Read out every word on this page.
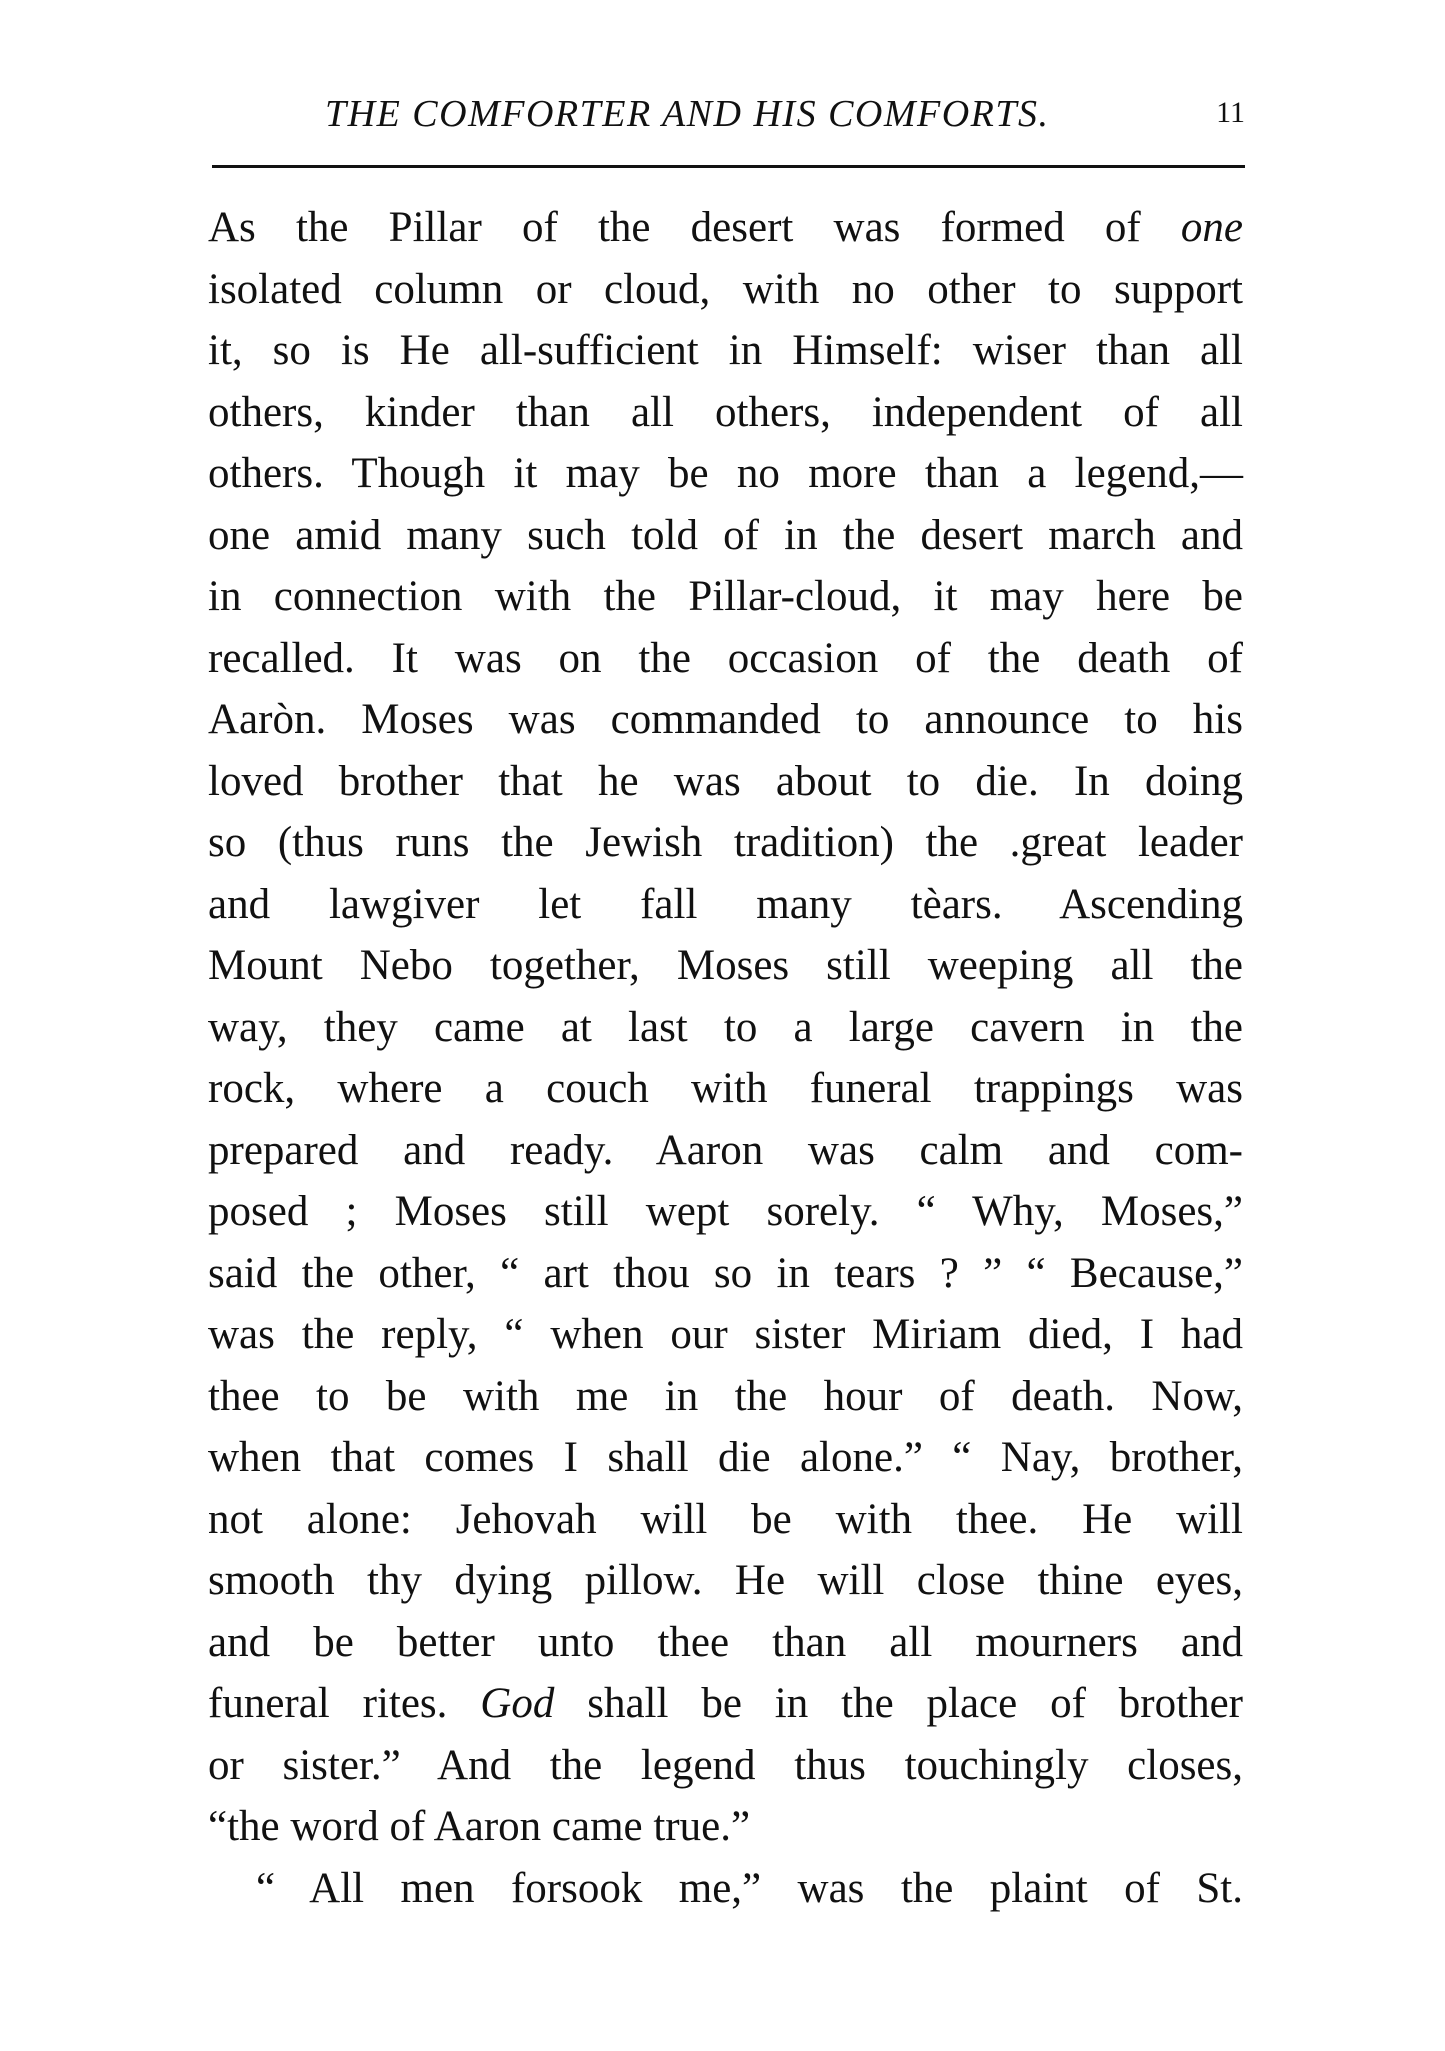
THE COMFORTER AND HIS COMFORTS.	11
As the Pillar of the desert was formed of one
isolated column or cloud, with no other to support
it, so is He all-sufficient in Himself: wiser than all
others, kinder than all others, independent of all
others. Though it may be no more than a legend,—
one amid many such told of in the desert march and
in connection with the Pillar-cloud, it may here be
recalled. It was on the occasion of the death of
Aaròn. Moses was commanded to announce to his
loved brother that he was about to die. In doing
so (thus runs the Jewish tradition) the .great leader
and lawgiver let fall many tèars. Ascending
Mount Nebo together, Moses still weeping all the
way, they came at last to a large cavern in the
rock, where a couch with funeral trappings was
prepared and ready. Aaron was calm and com-
posed ; Moses still wept sorely. “ Why, Moses,”
said the other, “ art thou so in tears ? ” “ Because,”
was the reply, “ when our sister Miriam died, I had
thee to be with me in the hour of death. Now,
when that comes I shall die alone.” “ Nay, brother,
not alone: Jehovah will be with thee. He will
smooth thy dying pillow. He will close thine eyes,
and be better unto thee than all mourners and
funeral rites. God shall be in the place of brother
or sister.” And the legend thus touchingly closes,
“the word of Aaron came true.”
“ All men forsook me,” was the plaint of St.
